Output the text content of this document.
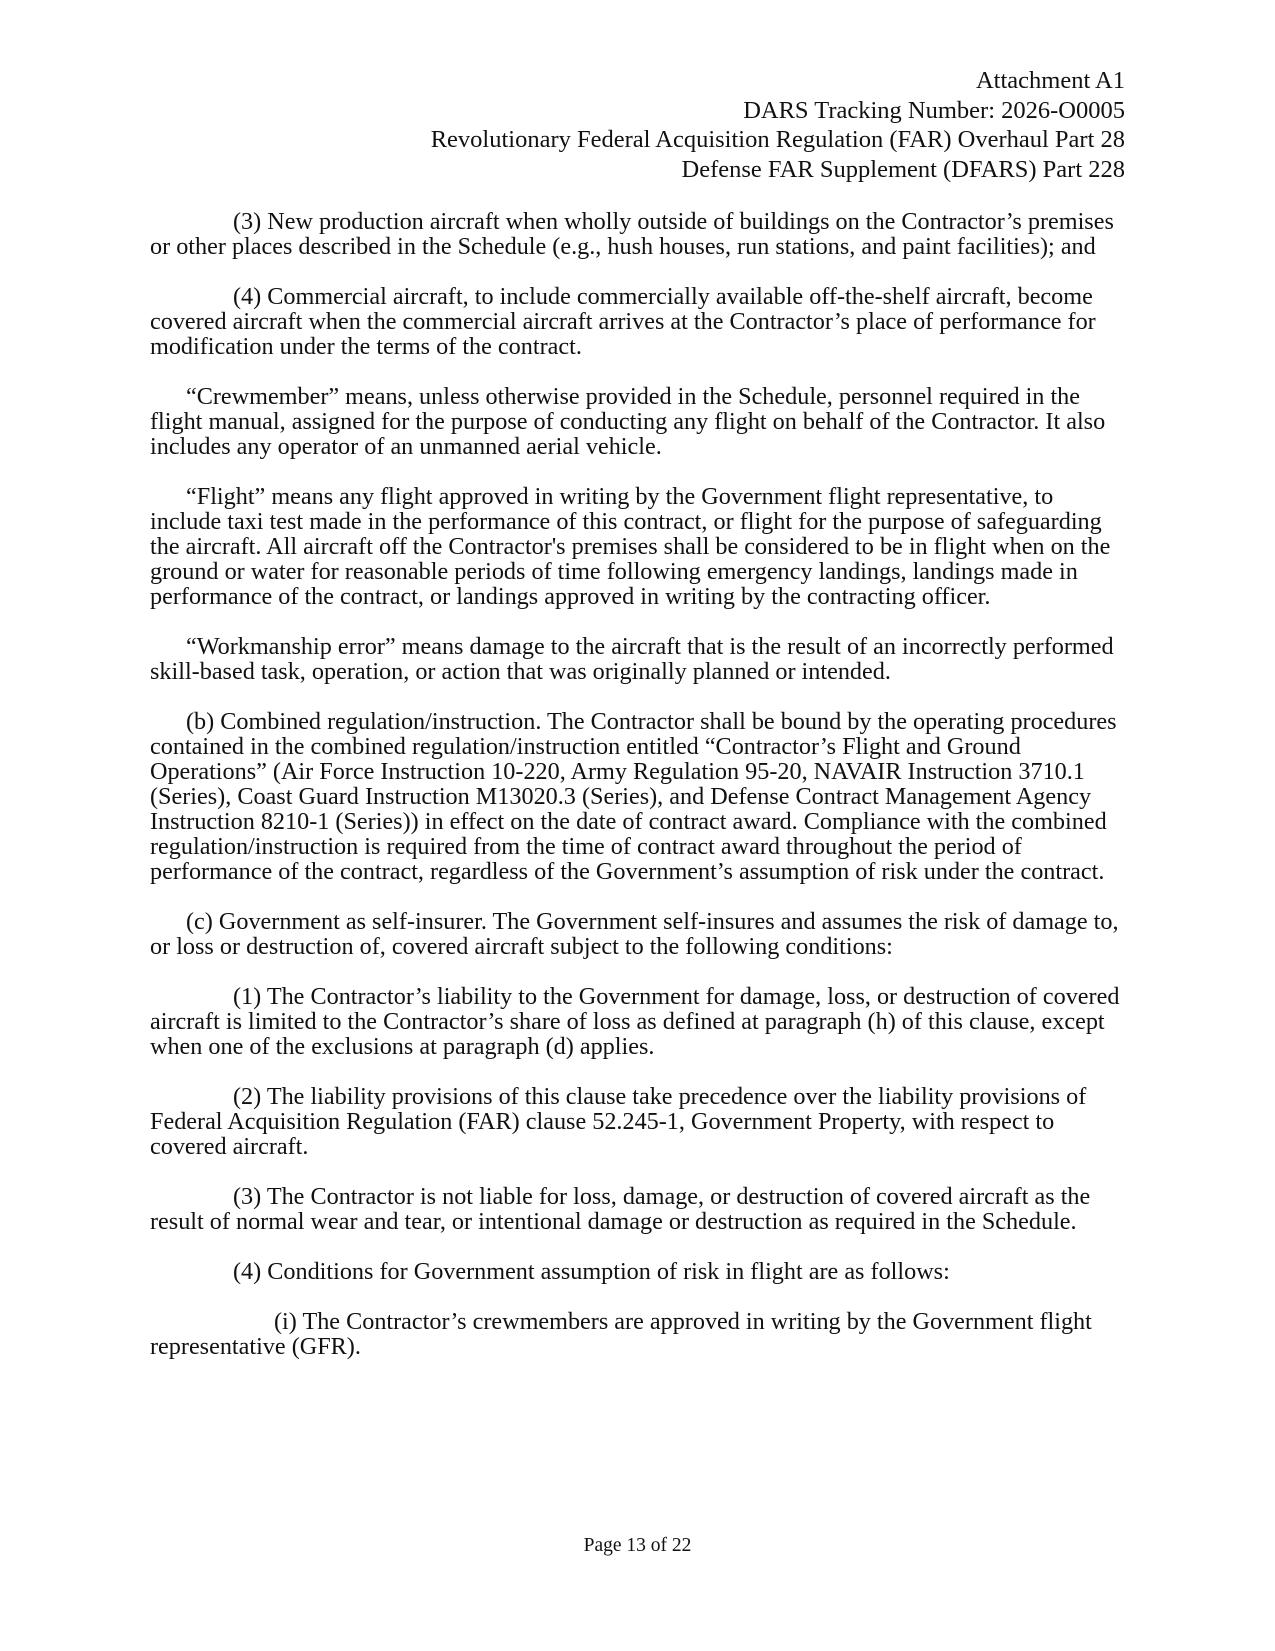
Attachment A1
DARS Tracking Number: 2026-O0005
Revolutionary Federal Acquisition Regulation (FAR) Overhaul Part 28
Defense FAR Supplement (DFARS) Part 228

(3) New production aircraft when wholly outside of buildings on the Contractor’s premises or other places described in the Schedule (e.g., hush houses, run stations, and paint facilities); and

(4) Commercial aircraft, to include commercially available off-the-shelf aircraft, become covered aircraft when the commercial aircraft arrives at the Contractor’s place of performance for modification under the terms of the contract.

“Crewmember” means, unless otherwise provided in the Schedule, personnel required in the flight manual, assigned for the purpose of conducting any flight on behalf of the Contractor. It also includes any operator of an unmanned aerial vehicle.

“Flight” means any flight approved in writing by the Government flight representative, to include taxi test made in the performance of this contract, or flight for the purpose of safeguarding the aircraft. All aircraft off the Contractor's premises shall be considered to be in flight when on the ground or water for reasonable periods of time following emergency landings, landings made in performance of the contract, or landings approved in writing by the contracting officer.

“Workmanship error” means damage to the aircraft that is the result of an incorrectly performed skill-based task, operation, or action that was originally planned or intended.

(b) Combined regulation/instruction. The Contractor shall be bound by the operating procedures contained in the combined regulation/instruction entitled “Contractor’s Flight and Ground Operations” (Air Force Instruction 10-220, Army Regulation 95-20, NAVAIR Instruction 3710.1 (Series), Coast Guard Instruction M13020.3 (Series), and Defense Contract Management Agency Instruction 8210-1 (Series)) in effect on the date of contract award. Compliance with the combined regulation/instruction is required from the time of contract award throughout the period of performance of the contract, regardless of the Government’s assumption of risk under the contract.

(c) Government as self-insurer. The Government self-insures and assumes the risk of damage to, or loss or destruction of, covered aircraft subject to the following conditions:

(1) The Contractor’s liability to the Government for damage, loss, or destruction of covered aircraft is limited to the Contractor’s share of loss as defined at paragraph (h) of this clause, except when one of the exclusions at paragraph (d) applies.

(2) The liability provisions of this clause take precedence over the liability provisions of Federal Acquisition Regulation (FAR) clause 52.245-1, Government Property, with respect to covered aircraft.

(3) The Contractor is not liable for loss, damage, or destruction of covered aircraft as the result of normal wear and tear, or intentional damage or destruction as required in the Schedule.

(4) Conditions for Government assumption of risk in flight are as follows:

(i) The Contractor’s crewmembers are approved in writing by the Government flight representative (GFR).

Page 13 of 22
